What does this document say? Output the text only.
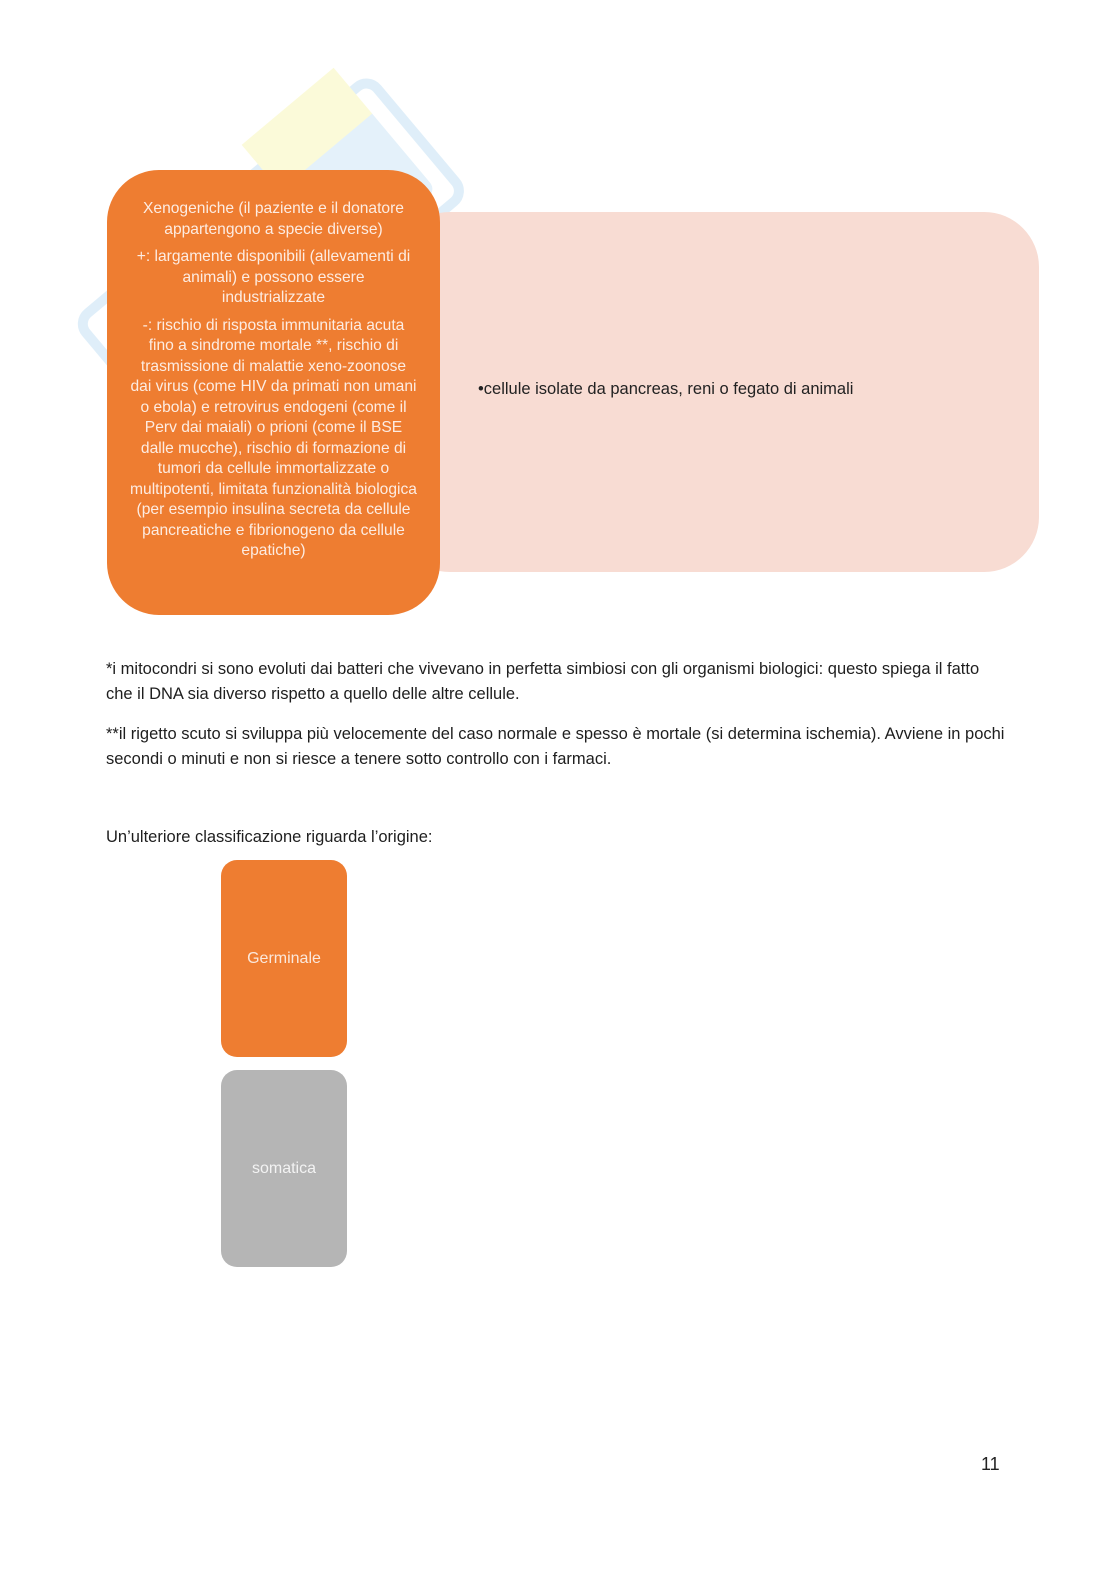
•cellule isolate da pancreas, reni o fegato di animali

Xenogeniche (il paziente e il donatore appartengono a specie diverse)

+: largamente disponibili (allevamenti di animali) e possono essere industrializzate

-: rischio di risposta immunitaria acuta fino a sindrome mortale **, rischio di trasmissione di malattie xeno-zoonose dai virus (come HIV da primati non umani o ebola) e retrovirus endogeni (come il Perv dai maiali) o prioni (come il BSE dalle mucche), rischio di formazione di tumori da cellule immortalizzate o multipotenti, limitata funzionalità biologica (per esempio insulina secreta da cellule pancreatiche e fibrionogeno da cellule epatiche)

*i mitocondri si sono evoluti dai batteri che vivevano in perfetta simbiosi con gli organismi biologici: questo spiega il fatto che il DNA sia diverso rispetto a quello delle altre cellule.

**il rigetto scuto si sviluppa più velocemente del caso normale e spesso è mortale (si determina ischemia). Avviene in pochi secondi o minuti e non si riesce a tenere sotto controllo con i farmaci.

Un’ulteriore classificazione riguarda l’origine:

Germinale
somatica
11
